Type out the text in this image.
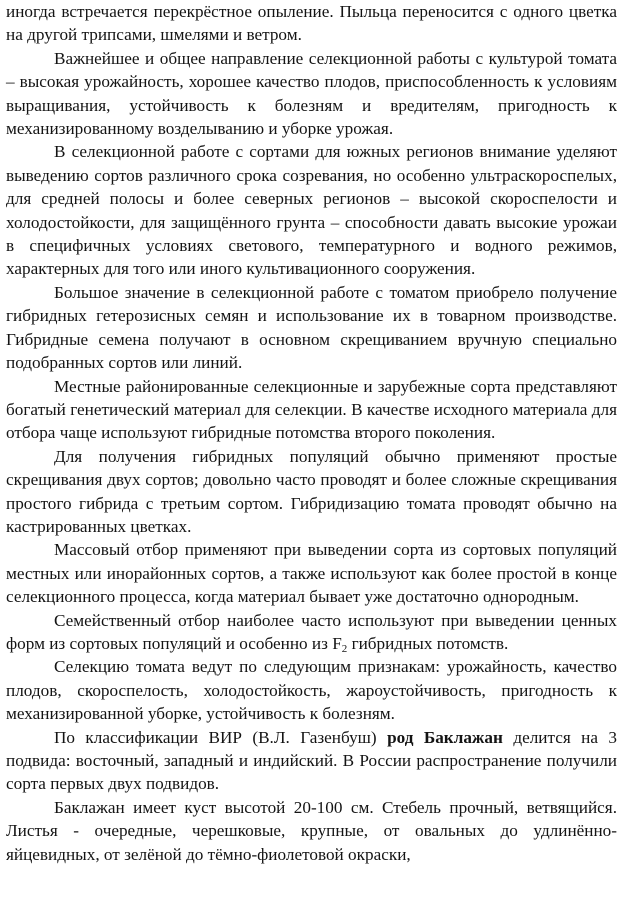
иногда встречается перекрёстное опыление. Пыльца переносится с одного цветка на другой трипсами, шмелями и ветром.

Важнейшее и общее направление селекционной работы с культурой томата – высокая урожайность, хорошее качество плодов, приспособленность к условиям выращивания, устойчивость к болезням и вредителям, пригодность к механизированному возделыванию и уборке урожая.

В селекционной работе с сортами для южных регионов внимание уделяют выведению сортов различного срока созревания, но особенно ультраскороспелых, для средней полосы и более северных регионов – высокой скороспелости и холодостойкости, для защищённого грунта – способности давать высокие урожаи в специфичных условиях светового, температурного и водного режимов, характерных для того или иного культивационного сооружения.

Большое значение в селекционной работе с томатом приобрело получение гибридных гетерозисных семян и использование их в товарном производстве. Гибридные семена получают в основном скрещиванием вручную специально подобранных сортов или линий.

Местные районированные селекционные и зарубежные сорта представляют богатый генетический материал для селекции. В качестве исходного материала для отбора чаще используют гибридные потомства второго поколения.

Для получения гибридных популяций обычно применяют простые скрещивания двух сортов; довольно часто проводят и более сложные скрещивания простого гибрида с третьим сортом. Гибридизацию томата проводят обычно на кастрированных цветках.

Массовый отбор применяют при выведении сорта из сортовых популяций местных или инорайонных сортов, а также используют как более простой в конце селекционного процесса, когда материал бывает уже достаточно однородным.

Семейственный отбор наиболее часто используют при выведении ценных форм из сортовых популяций и особенно из $F_2$ гибридных потомств.

Селекцию томата ведут по следующим признакам: урожайность, качество плодов, скороспелость, холодостойкость, жароустойчивость, пригодность к механизированной уборке, устойчивость к болезням.

По классификации ВИР (В.Л. Газенбуш) род Баклажан делится на 3 подвида: восточный, западный и индийский. В России распространение получили сорта первых двух подвидов.

Баклажан имеет куст высотой 20-100 см. Стебель прочный, ветвящийся. Листья - очередные, черешковые, крупные, от овальных до удлинённо-яйцевидных, от зелёной до тёмно-фиолетовой окраски,
